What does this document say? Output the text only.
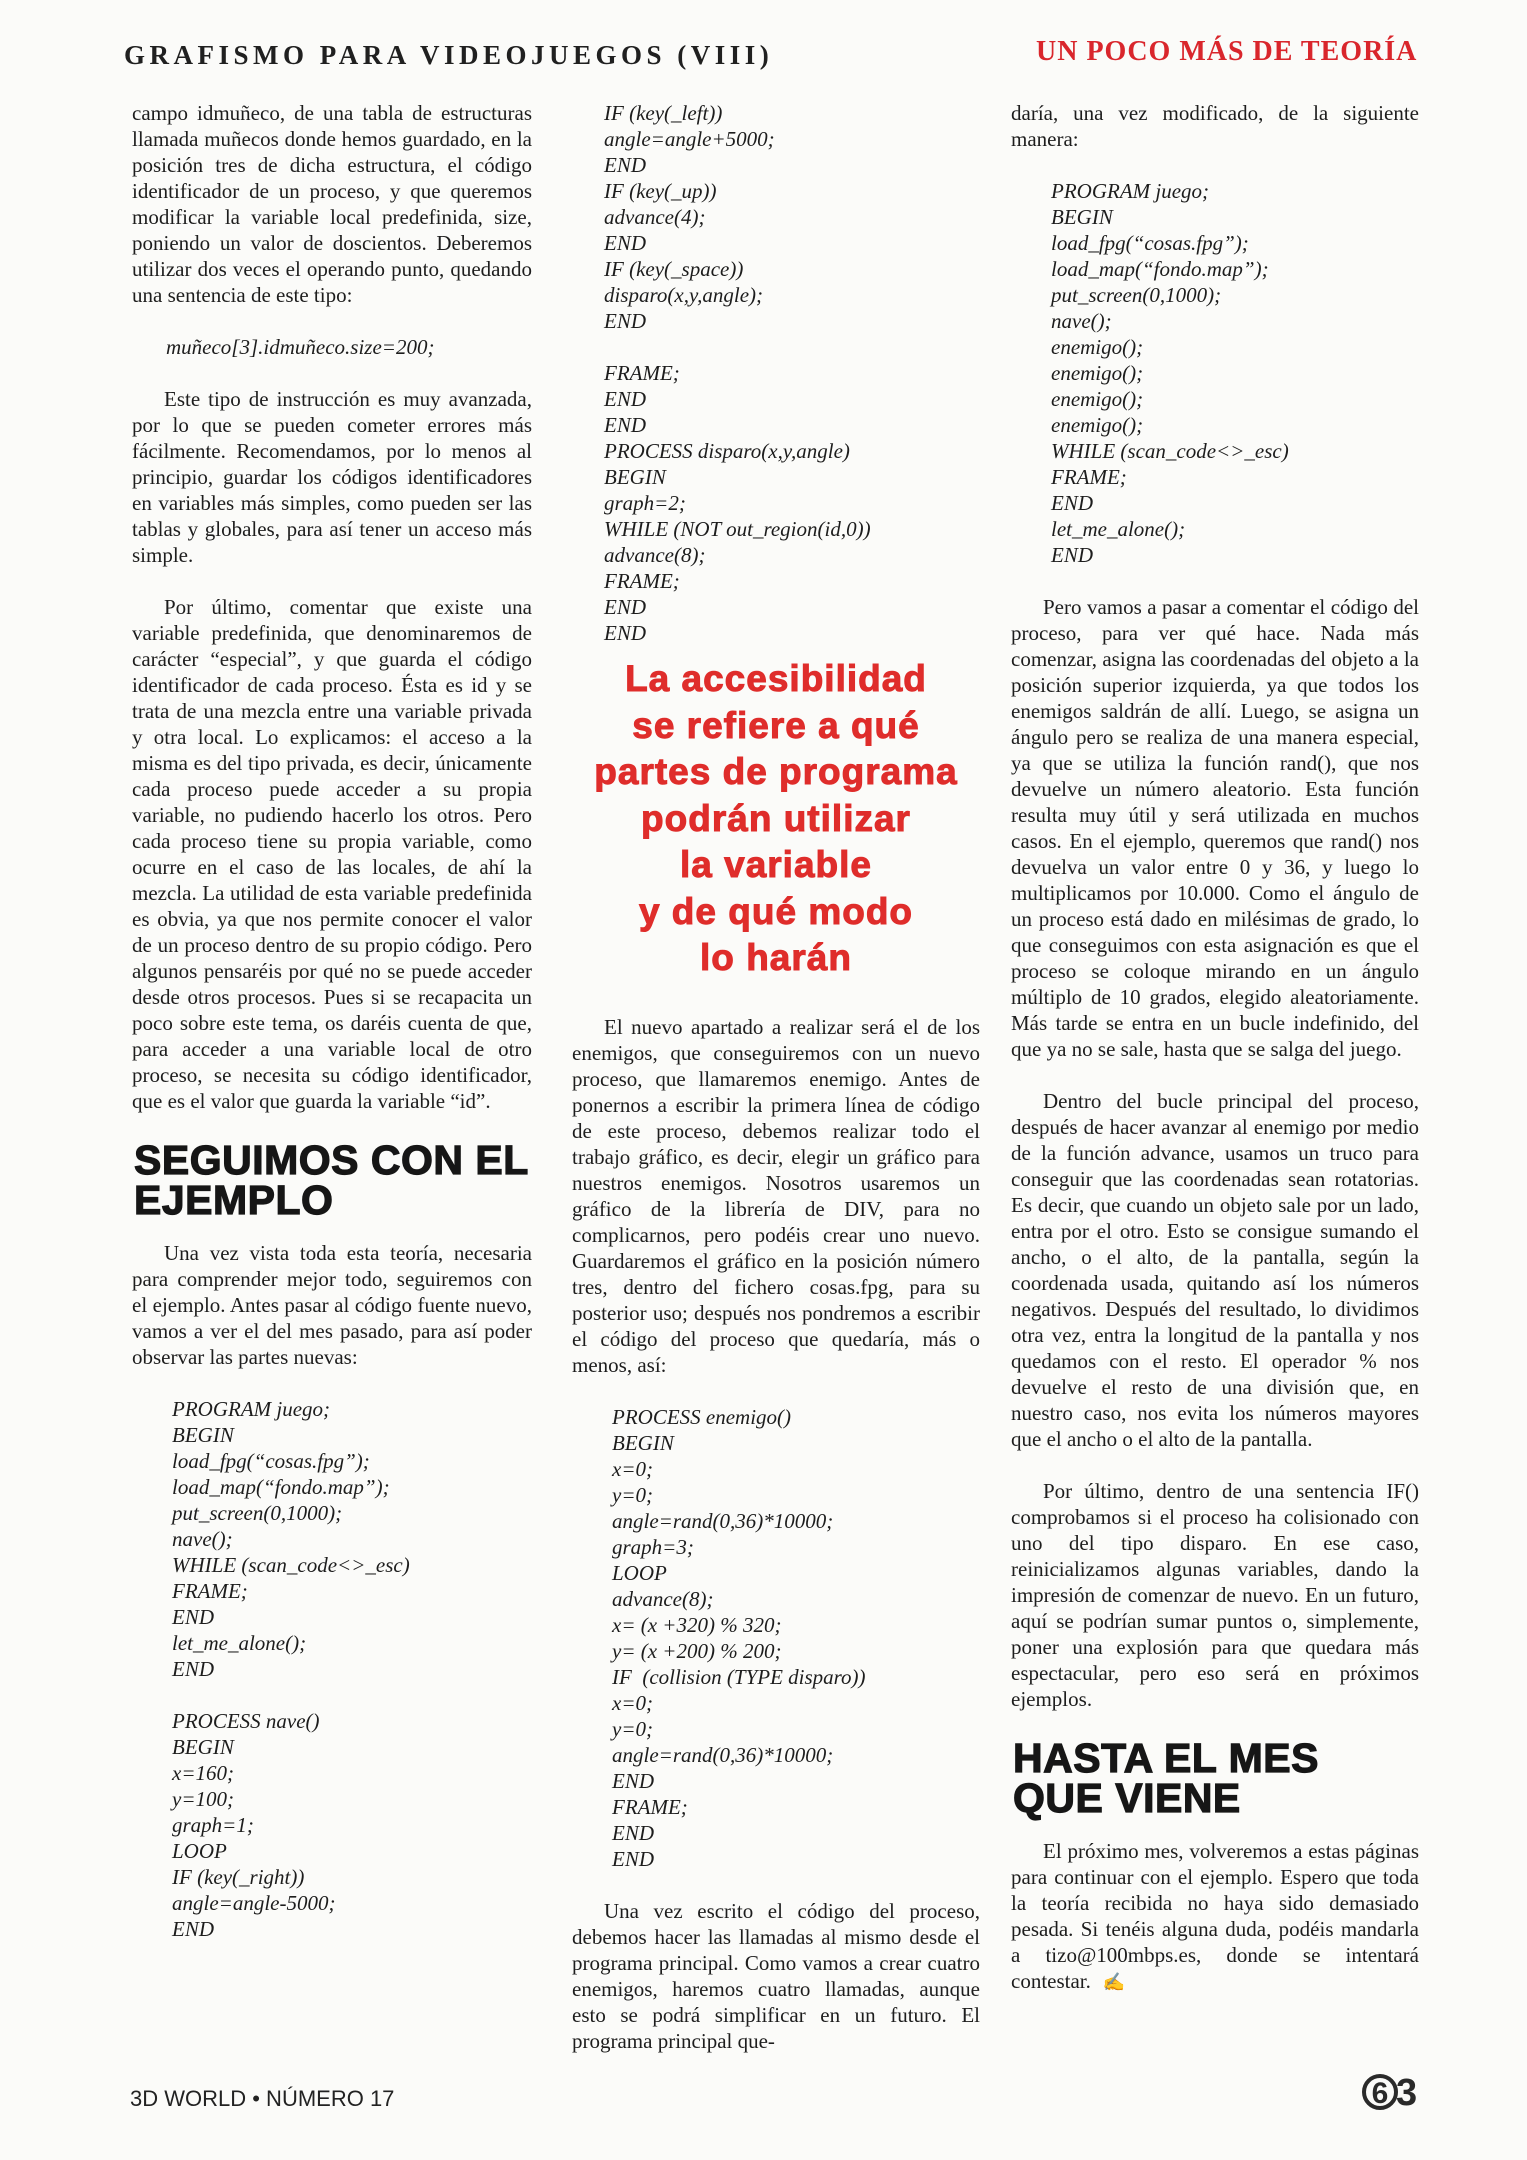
GRAFISMO PARA VIDEOJUEGOS (VIII)	UN POCO MÁS DE TEORÍA

campo idmuñeco, de una tabla de estructuras llamada muñecos donde hemos guardado, en la posición tres de dicha estructura, el código identificador de un proceso, y que queremos modificar la variable local predefinida, size, poniendo un valor de doscientos. Deberemos utilizar dos veces el operando punto, quedando una sentencia de este tipo:

muñeco[3].idmuñeco.size=200;

Este tipo de instrucción es muy avanzada, por lo que se pueden cometer errores más fácilmente. Recomendamos, por lo menos al principio, guardar los códigos identificadores en variables más simples, como pueden ser las tablas y globales, para así tener un acceso más simple.

Por último, comentar que existe una variable predefinida, que denominaremos de carácter “especial”, y que guarda el código identificador de cada proceso. Ésta es id y se trata de una mezcla entre una variable privada y otra local. Lo explicamos: el acceso a la misma es del tipo privada, es decir, únicamente cada proceso puede acceder a su propia variable, no pudiendo hacerlo los otros. Pero cada proceso tiene su propia variable, como ocurre en el caso de las locales, de ahí la mezcla. La utilidad de esta variable predefinida es obvia, ya que nos permite conocer el valor de un proceso dentro de su propio código. Pero algunos pensaréis por qué no se puede acceder desde otros procesos. Pues si se recapacita un poco sobre este tema, os daréis cuenta de que, para acceder a una variable local de otro proceso, se necesita su código identificador, que es el valor que guarda la variable “id”.

SEGUIMOS CON EL EJEMPLO

Una vez vista toda esta teoría, necesaria para comprender mejor todo, seguiremos con el ejemplo. Antes pasar al código fuente nuevo, vamos a ver el del mes pasado, para así poder observar las partes nuevas:

PROGRAM juego;
BEGIN
load_fpg(“cosas.fpg”);
load_map(“fondo.map”);
put_screen(0,1000);
nave();
WHILE (scan_code<>_esc)
FRAME;
END
let_me_alone();
END
PROCESS nave()
BEGIN
x=160;
y=100;
graph=1;
LOOP
IF (key(_right))
angle=angle-5000;
END
IF (key(_left))
angle=angle+5000;
END
IF (key(_up))
advance(4);
END
IF (key(_space))
disparo(x,y,angle);
END
FRAME;
END
END
PROCESS disparo(x,y,angle)
BEGIN
graph=2;
WHILE (NOT out_region(id,0))
advance(8);
FRAME;
END
END
La accesibilidad
se refiere a qué
partes de programa
podrán utilizar
la variable
y de qué modo
lo harán

El nuevo apartado a realizar será el de los enemigos, que conseguiremos con un nuevo proceso, que llamaremos enemigo. Antes de ponernos a escribir la primera línea de código de este proceso, debemos realizar todo el trabajo gráfico, es decir, elegir un gráfico para nuestros enemigos. Nosotros usaremos un gráfico de la librería de DIV, para no complicarnos, pero podéis crear uno nuevo. Guardaremos el gráfico en la posición número tres, dentro del fichero cosas.fpg, para su posterior uso; después nos pondremos a escribir el código del proceso que quedaría, más o menos, así:

PROCESS enemigo()
BEGIN
x=0;
y=0;
angle=rand(0,36)*10000;
graph=3;
LOOP
advance(8);
x= (x +320) % 320;
y= (x +200) % 200;
IF  (collision (TYPE disparo))
x=0;
y=0;
angle=rand(0,36)*10000;
END
FRAME;
END
END

Una vez escrito el código del proceso, debemos hacer las llamadas al mismo desde el programa principal. Como vamos a crear cuatro enemigos, haremos cuatro llamadas, aunque esto se podrá simplificar en un futuro. El programa principal que-

daría, una vez modificado, de la siguiente manera:

PROGRAM juego;
BEGIN
load_fpg(“cosas.fpg”);
load_map(“fondo.map”);
put_screen(0,1000);
nave();
enemigo();
enemigo();
enemigo();
enemigo();
WHILE (scan_code<>_esc)
FRAME;
END
let_me_alone();
END

Pero vamos a pasar a comentar el código del proceso, para ver qué hace. Nada más comenzar, asigna las coordenadas del objeto a la posición superior izquierda, ya que todos los enemigos saldrán de allí. Luego, se asigna un ángulo pero se realiza de una manera especial, ya que se utiliza la función rand(), que nos devuelve un número aleatorio. Esta función resulta muy útil y será utilizada en muchos casos. En el ejemplo, queremos que rand() nos devuelva un valor entre 0 y 36, y luego lo multiplicamos por 10.000. Como el ángulo de un proceso está dado en milésimas de grado, lo que conseguimos con esta asignación es que el proceso se coloque mirando en un ángulo múltiplo de 10 grados, elegido aleatoriamente. Más tarde se entra en un bucle indefinido, del que ya no se sale, hasta que se salga del juego.

Dentro del bucle principal del proceso, después de hacer avanzar al enemigo por medio de la función advance, usamos un truco para conseguir que las coordenadas sean rotatorias. Es decir, que cuando un objeto sale por un lado, entra por el otro. Esto se consigue sumando el ancho, o el alto, de la pantalla, según la coordenada usada, quitando así los números negativos. Después del resultado, lo dividimos otra vez, entra la longitud de la pantalla y nos quedamos con el resto. El operador % nos devuelve el resto de una división que, en nuestro caso, nos evita los números mayores que el ancho o el alto de la pantalla.

Por último, dentro de una sentencia IF() comprobamos si el proceso ha colisionado con uno del tipo disparo. En ese caso, reinicializamos algunas variables, dando la impresión de comenzar de nuevo. En un futuro, aquí se podrían sumar puntos o, simplemente, poner una explosión para que quedara más espectacular, pero eso será en próximos ejemplos.

HASTA EL MES QUE VIENE

El próximo mes, volveremos a estas páginas para continuar con el ejemplo. Espero que toda la teoría recibida no haya sido demasiado pesada. Si tenéis alguna duda, podéis mandarla a tizo@100mbps.es, donde se intentará contestar. ✍

3D WORLD • NÚMERO 17	6 3
